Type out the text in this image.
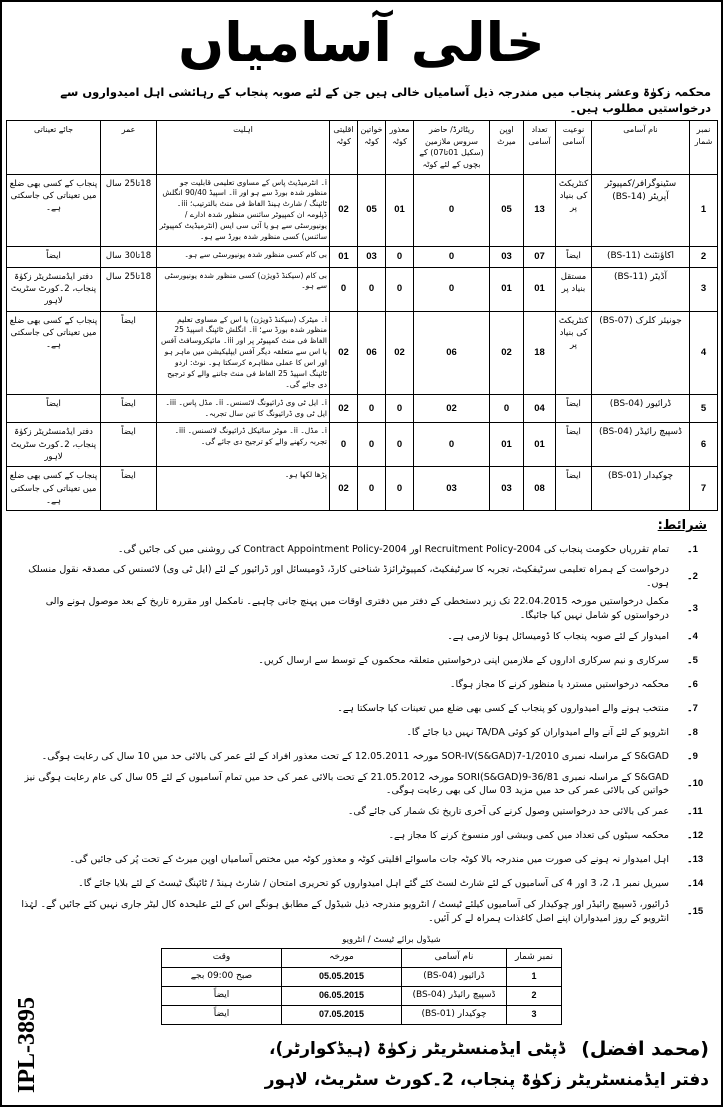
خالی آسامیاں
محکمہ زکوٰۃ وعشر پنجاب میں مندرجہ ذیل آسامیاں خالی ہیں جن کے لئے صوبہ پنجاب کے رہائشی اہل امیدواروں سے درخواستیں مطلوب ہیں۔
نمبر شمار	نام آسامی	نوعیت آسامی	تعداد آسامی	اوپن میرٹ	ریٹائرڈ/ حاضر سروس ملازمین (سکیل 01تا07) کے بچوں کے لئے کوٹہ	معذور کوٹہ	خواتین کوٹہ	اقلیتی کوٹہ	اہلیت	عمر	جائے تعیناتی
1	سٹینوگرافر/کمپیوٹر آپریٹر (BS-14)	کنٹریکٹ کی بنیاد پر	13	05	0	01	05	02	i۔ انٹرمیڈیٹ پاس کے مساوی تعلیمی قابلیت جو منظور شدہ بورڈ سے ہو اور ii۔ اسپیڈ 90/40 انگلش ٹائپنگ / شارٹ ہینڈ الفاظ فی منٹ بالترتیب؛ iii۔ ڈپلومہ ان کمپیوٹر سائنس منظور شدہ ادارے / یونیورسٹی سے ہو یا آئی سی ایس (انٹرمیڈیٹ کمپیوٹر سائنس) کسی منظور شدہ بورڈ سے ہو۔	18تا25 سال	پنجاب کے کسی بھی ضلع میں تعیناتی کی جاسکتی ہے۔
2	اکاؤنٹنٹ (BS-11)	ایضاً	07	03	0	0	03	01	بی کام کسی منظور شدہ یونیورسٹی سے ہو۔	18تا30 سال	ایضاً
3	آڈیٹر (BS-11)	مستقل بنیاد پر	01	01	0	0	0	0	بی کام (سیکنڈ ڈویژن) کسی منظور شدہ یونیورسٹی سے ہو۔	18تا25 سال	دفتر ایڈمنسٹریٹر زکوٰۃ پنجاب، 2۔کورٹ سٹریٹ لاہور
4	جونیئر کلرک (BS-07)	کنٹریکٹ کی بنیاد پر	18	02	06	02	06	02	i۔ میٹرک (سیکنڈ ڈویژن) یا اس کے مساوی تعلیم منظور شدہ بورڈ سے؛ ii۔ انگلش ٹائپنگ اسپیڈ 25 الفاظ فی منٹ کمپیوٹر پر اور iii۔ مائیکروسافٹ آفس یا اس سے متعلقہ دیگر آفس ایپلیکیشن میں ماہر ہو اور اس کا عملی مظاہرہ کرسکتا ہو۔ نوٹ: اردو ٹائپنگ اسپیڈ 25 الفاظ فی منٹ جاننے والے کو ترجیح دی جائے گی۔	ایضاً	پنجاب کے کسی بھی ضلع میں تعیناتی کی جاسکتی ہے۔
5	ڈرائیور (BS-04)	ایضاً	04	0	02	0	0	02	i۔ ایل ٹی وی ڈرائیونگ لائسنس۔ ii۔ مڈل پاس۔ iii۔ ایل ٹی وی ڈرائیونگ کا تین سال تجربہ۔	ایضاً	ایضاً
6	ڈسپیچ رائیڈر (BS-04)	ایضاً	01	01	0	0	0	0	i۔ مڈل۔ ii۔ موٹر سائیکل ڈرائیونگ لائسنس۔ iii۔ تجربہ رکھنے والے کو ترجیح دی جائے گی۔	ایضاً	دفتر ایڈمنسٹریٹر زکوٰۃ پنجاب، 2۔کورٹ سٹریٹ لاہور
7	چوکیدار (BS-01)	ایضاً	08	03	03	0	0	02	پڑھا لکھا ہو۔	ایضاً	پنجاب کے کسی بھی ضلع میں تعیناتی کی جاسکتی ہے۔
شرائط:
1۔
تمام تقرریاں حکومت پنجاب کی Recruitment Policy-2004 اور Contract Appointment Policy-2004 کی روشنی میں کی جائیں گی۔
2۔
درخواست کے ہمراہ تعلیمی سرٹیفکیٹ، تجربہ کا سرٹیفکیٹ، کمپیوٹرائزڈ شناختی کارڈ، ڈومیسائل اور ڈرائیور کے لئے (ایل ٹی وی) لائسنس کی مصدقہ نقول منسلک ہوں۔
3۔
مکمل درخواستیں مورخہ 22.04.2015 تک زیر دستخطی کے دفتر میں دفتری اوقات میں پہنچ جانی چاہیے۔ نامکمل اور مقررہ تاریخ کے بعد موصول ہونے والی درخواستوں کو شامل نہیں کیا جائیگا۔
4۔
امیدوار کے لئے صوبہ پنجاب کا ڈومیسائل ہونا لازمی ہے۔
5۔
سرکاری و نیم سرکاری اداروں کے ملازمین اپنی درخواستیں متعلقہ محکموں کے توسط سے ارسال کریں۔
6۔
محکمہ درخواستیں مسترد یا منظور کرنے کا مجاز ہوگا۔
7۔
منتخب ہونے والے امیدواروں کو پنجاب کے کسی بھی ضلع میں تعینات کیا جاسکتا ہے۔
8۔
انٹرویو کے لئے آنے والے امیدواران کو کوئی TA/DA نہیں دیا جائے گا۔
9۔
S&GAD کے مراسلہ نمبری SOR-IV(S&GAD)7-1/2010 مورخہ 12.05.2011 کے تحت معذور افراد کے لئے عمر کی بالائی حد میں 10 سال کی رعایت ہوگی۔
10۔
S&GAD کے مراسلہ نمبری SORI(S&GAD)9-36/81 مورخہ 21.05.2012 کے تحت بالائی عمر کی حد میں تمام آسامیوں کے لئے 05 سال کی عام رعایت ہوگی نیز خواتین کی بالائی عمر کی حد میں مزید 03 سال کی بھی رعایت ہوگی۔
11۔
عمر کی بالائی حد درخواستیں وصول کرنے کی آخری تاریخ تک شمار کی جائے گی۔
12۔
محکمہ سیٹوں کی تعداد میں کمی وبیشی اور منسوخ کرنے کا مجاز ہے۔
13۔
اہل امیدوار نہ ہونے کی صورت میں مندرجہ بالا کوٹہ جات ماسوائے اقلیتی کوٹہ و معذور کوٹہ میں مختص آسامیاں اوپن میرٹ کے تحت پُر کی جائیں گی۔
14۔
سیریل نمبر 1، 2، 3 اور 4 کی آسامیوں کے لئے شارٹ لسٹ کئے گئے اہل امیدواروں کو تحریری امتحان / شارٹ ہینڈ / ٹائپنگ ٹیسٹ کے لئے بلایا جائے گا۔
15۔
ڈرائیور، ڈسپیچ رائیڈر اور چوکیدار کی آسامیوں کیلئے ٹیسٹ / انٹرویو مندرجہ ذیل شیڈول کے مطابق ہونگے اس کے لئے علیحدہ کال لیٹر جاری نہیں کئے جائیں گے۔ لہٰذا انٹرویو کے روز امیدواران اپنے اصل کاغذات ہمراہ لے کر آئیں۔
شیڈول برائے ٹیسٹ / انٹرویو
نمبر شمار	نام آسامی	مورخہ	وقت
1	ڈرائیور (BS-04)	05.05.2015	صبح 09:00 بجے
2	ڈسپیچ رائیڈر (BS-04)	06.05.2015	ایضاً
3	چوکیدار (BS-01)	07.05.2015	ایضاً
(محمد افضل)
ڈپٹی ایڈمنسٹریٹر زکوٰۃ (ہیڈکوارٹر)،
دفتر ایڈمنسٹریٹر زکوٰۃ پنجاب، 2۔کورٹ سٹریٹ، لاہور
IPL-3895
